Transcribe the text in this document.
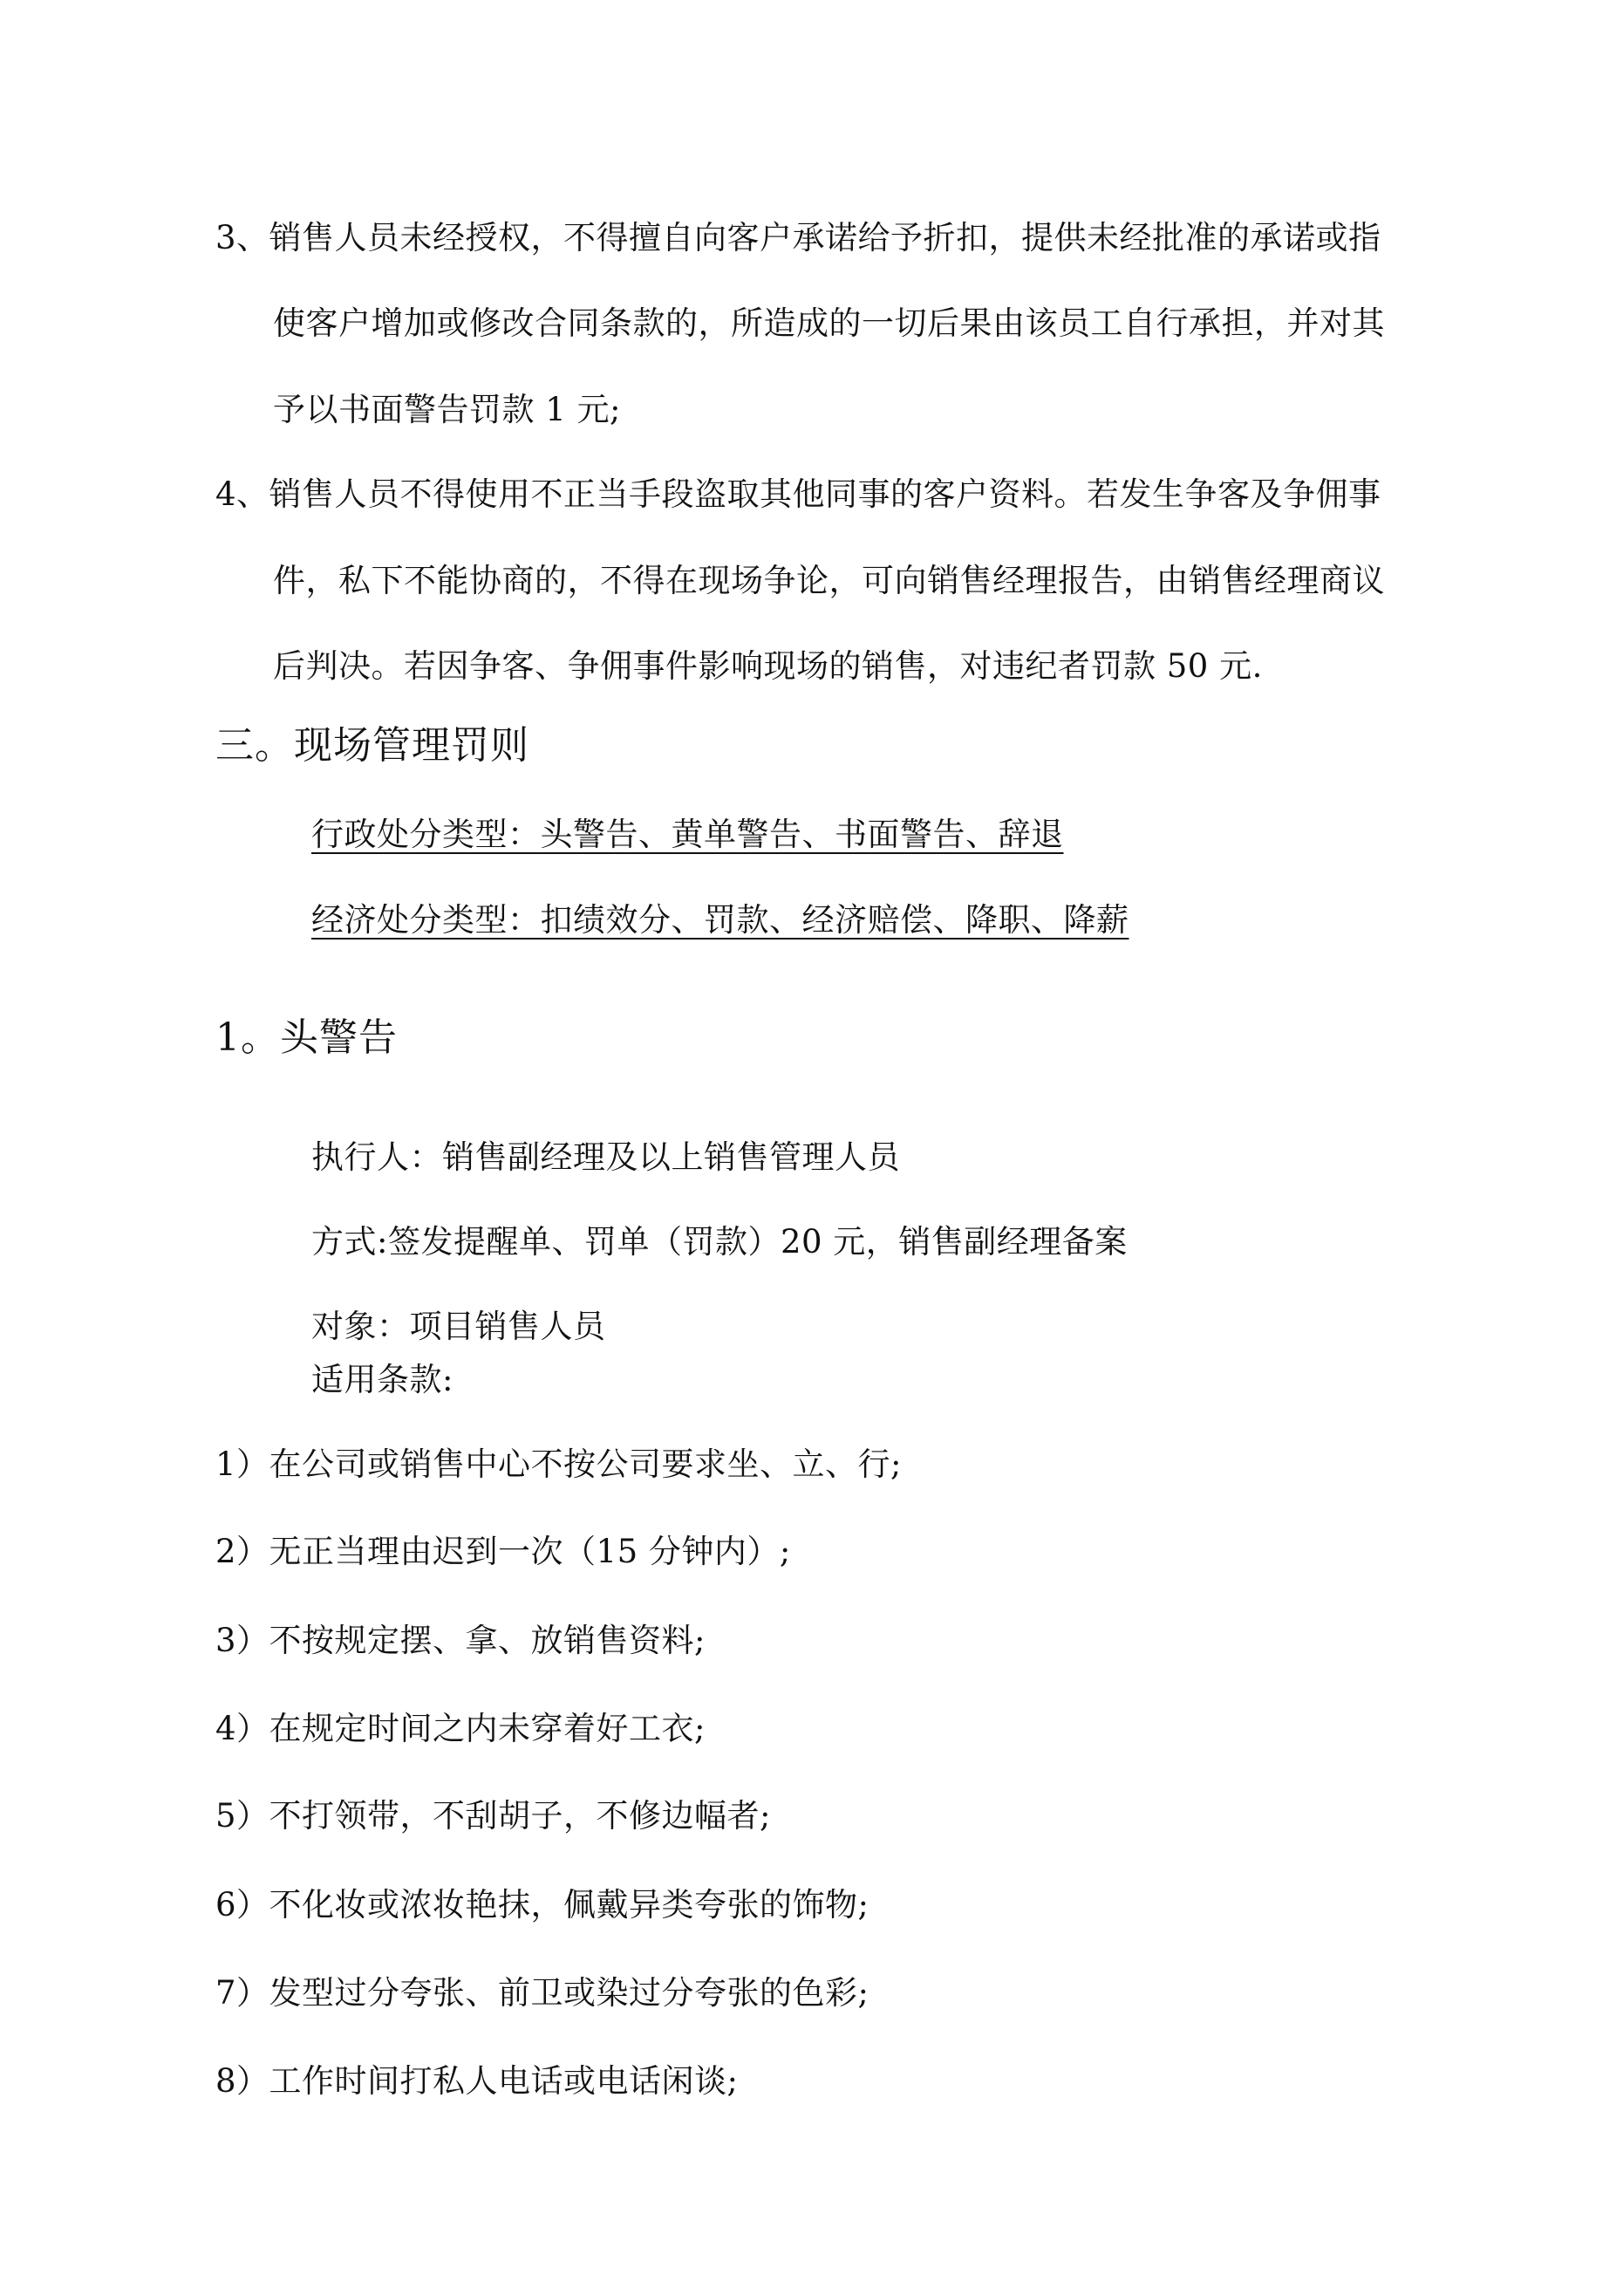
3、销售人员未经授权，不得擅自向客户承诺给予折扣，提供未经批准的承诺或指
使客户增加或修改合同条款的，所造成的一切后果由该员工自行承担，并对其
予以书面警告罚款 1 元;
4、销售人员不得使用不正当手段盗取其他同事的客户资料。若发生争客及争佣事
件，私下不能协商的，不得在现场争论，可向销售经理报告，由销售经理商议
后判决。若因争客、争佣事件影响现场的销售，对违纪者罚款 50 元.
三。现场管理罚则
行政处分类型：头警告、黄单警告、书面警告、辞退
经济处分类型：扣绩效分、罚款、经济赔偿、降职、降薪
1。头警告
执行人：销售副经理及以上销售管理人员
方式:签发提醒单、罚单（罚款）20 元，销售副经理备案
对象：项目销售人员
适用条款:
1）在公司或销售中心不按公司要求坐、立、行;
2）无正当理由迟到一次（15 分钟内）;
3）不按规定摆、拿、放销售资料;
4）在规定时间之内未穿着好工衣;
5）不打领带，不刮胡子，不修边幅者;
6）不化妆或浓妆艳抹，佩戴异类夸张的饰物;
7）发型过分夸张、前卫或染过分夸张的色彩;
8）工作时间打私人电话或电话闲谈;
